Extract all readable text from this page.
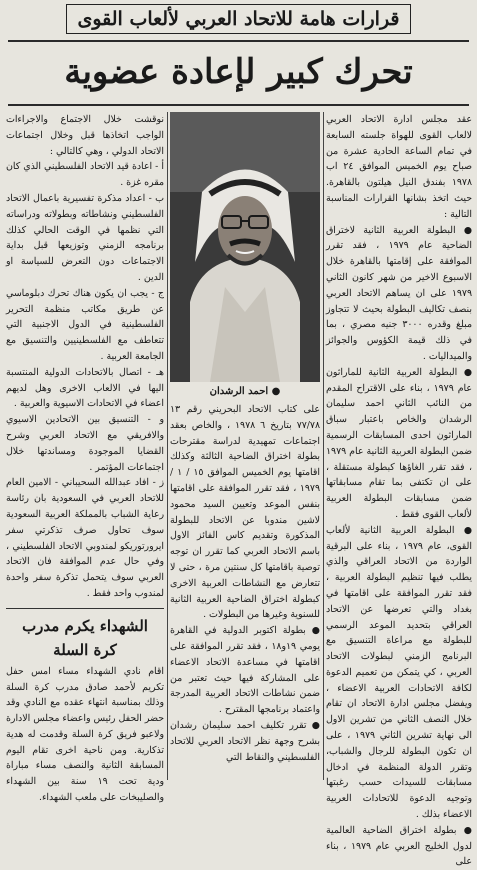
قرارات هامة للاتحاد العربي لألعاب القوى
تحرك كبير لإعادة عضوية

عقد مجلس ادارة الاتحاد العربي لالعاب القوى للهواة جلسته السابعة في تمام الساعة الحادية عشرة من صباح يوم الخميس الموافق ٢٤ اب ١٩٧٨ بفندق النيل هيلتون بالقاهرة. حيث اتخذ بشانها القرارات المناسبة التالية :

● البطولة العربية الثانية لاختراق الضاحية عام ١٩٧٩ ، فقد تقرر الموافقة على إقامتها بالقاهرة خلال الاسبوع الاخير من شهر كانون الثاني ١٩٧٩ على ان يساهم الاتحاد العربي بنصف تكاليف البطولة بحيث لا تتجاوز مبلغ وقدره ٣٠٠٠ جنيه مصري ، بما في ذلك قيمة الكؤوس والجوائز والميداليات .

● البطولة العربية الثانية للماراثون عام ١٩٧٩ ، بناء على الاقتراح المقدم من النائب الثاني احمد سليمان الرشدان والخاص باعتبار سباق الماراثون احدى المسابقات الرسمية ضمن البطولة العربية الثانية عام ١٩٧٩ ، فقد تقرر الغاؤها كبطولة مستقلة ، على ان تكتفى بما تقام مسابقاتها ضمن مسابقات البطولة العربية لألعاب القوى فقط .

● البطولة العربية الثانية لألعاب القوى، عام ١٩٧٩ ، بناء على البرقية الواردة من الاتحاد العراقي والذي يطلب فيها تنظيم البطولة العربية ، فقد تقرر الموافقة على اقامتها في بغداد والتي تعرضها عن الاتحاد العراقي بتحديد الموعد الرسمي للبطولة مع مراعاة التنسيق مع البرنامج الزمني لبطولات الاتحاد العربي ، كي يتمكن من تعميم الدعوة لكافة الاتحادات العربية الاعضاء ، ويفضل مجلس ادارة الاتحاد ان تقام خلال النصف الثاني من تشرين الاول الى نهاية تشرين الثاني ١٩٧٩ ، على ان تكون البطولة للرجال والشباب، وتقرر الدولة المنظمة في ادخال مسابقات للسيدات حسب رغبتها وتوجيه الدعوة للاتحادات العربية الاعضاء بذلك .

● بطولة اختراق الضاحية العالمية لدول الخليج العربي عام ١٩٧٩ ، بناء على

● احمد الرشدان

على كتاب الاتحاد البحريني رقم ١٣ ٧٧/٧٨ بتاريخ ٦ ١٩٧٨ ، والخاص بعقد اجتماعات تمهيدية لدراسة مقترحات بطولة اختراق الضاحية الثالثة وكذلك اقامتها يوم الخميس الموافق ١٥ / ١ / ١٩٧٩ ، فقد تقرر الموافقة على اقامتها بنفس الموعد وتعيين السيد محمود لاشين مندوبا عن الاتحاد للبطولة المذكورة وتقديم كاس الفائز الاول باسم الاتحاد العربي كما تقرر ان توجه توصية باقامتها كل سنتين مرة ، حتى لا تتعارض مع النشاطات العربية الاخرى كبطولة اختراق الضاحية العربية الثانية للسنوية وغيرها من البطولات .

● بطولة اكتوبر الدولية في القاهرة يومي ١٩و١٨ ، فقد تقرر الموافقة على اقامتها في مساعدة الاتحاد الاعضاء على المشاركة فيها حيث تعتبر من ضمن نشاطات الاتحاد العربية المدرجة واعتماد برنامجها المقترح .

● تقرر تكليف احمد سليمان رشدان بشرح وجهة نظر الاتحاد العربي للاتحاد الفلسطيني والنقاط التي

نوقشت خلال الاجتماع والاجراءات الواجب اتخاذها قبل وخلال اجتماعات الاتحاد الدولي ، وهي كالتالي :

أ - اعادة قيد الاتحاد الفلسطيني الذي كان مقره غزة .

ب - اعداد مذكرة تفسيرية باعمال الاتحاد الفلسطيني ونشاطاته وبطولاته ودراساته التي نظمها في الوقت الحالي كذلك برنامجه الزمني وتوزيعها قبل بداية الاجتماعات دون التعرض للسياسة او الدين .

ج - يجب ان يكون هناك تحرك دبلوماسي عن طريق مكاتب منظمة التحرير الفلسطينية في الدول الاجنبية التي تتعاطف مع الفلسطينيين والتنسيق مع الجامعة العربية .

هـ - اتصال بالاتحادات الدولية المنتسبة اليها في الالعاب الاخرى وهل لديهم اعضاء في الاتحادات الاسيوية والعربية .

و - التنسيق بين الاتحادين الاسيوي والافريقي مع الاتحاد العربي وشرح القضايا الموجودة ومساندتها خلال اجتماعات المؤتمر .

ز - افاد عبدالله السحيباني - الامين العام للاتحاد العربي في السعودية بان رئاسة رعاية الشباب بالمملكة العربية السعودية سوف تحاول صرف تذكرتي سفر ايرورتوريكو لمندوبي الاتحاد الفلسطيني ، وفي حال عدم الموافقة فان الاتحاد العربي سوف يتحمل تذكرة سفر واحدة لمندوب واحد فقط .

الشهداء يكرم مدرب
كرة السلة

اقام نادي الشهداء مساء امس حفل تكريم لأحمد صادق مدرب كرة السلة وذلك بمناسبة انتهاء عقده مع النادي وقد حضر الحفل رئيس واعضاء مجلس الادارة ولاعبو فريق كرة السلة وقدمت له هدية تذكارية. ومن ناحية اخرى تقام اليوم المسابقة الثانية والنصف مساء مباراة ودية تحت ١٩ سنة بين الشهداء والصليبخات على ملعب الشهداء.
